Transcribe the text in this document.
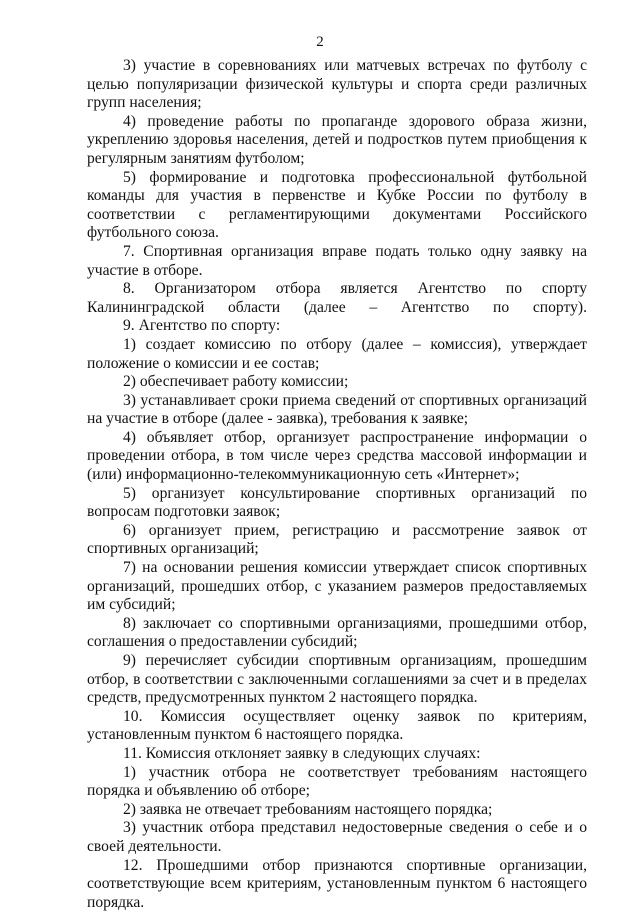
2

3) участие в соревнованиях или матчевых встречах по футболу с целью популяризации физической культуры и спорта среди различных групп населения;

4) проведение работы по пропаганде здорового образа жизни, укреплению здоровья населения, детей и подростков путем приобщения к регулярным занятиям футболом;

5) формирование и подготовка профессиональной футбольной команды для участия в первенстве и Кубке России по футболу в соответствии с регламентирующими документами Российского футбольного союза.

7. Спортивная организация вправе подать только одну заявку на участие в отборе.

8. Организатором отбора является Агентство по спорту Калининградской области (далее – Агентство по спорту).

9. Агентство по спорту:

1) создает комиссию по отбору (далее – комиссия), утверждает положение о комиссии и ее состав;

2) обеспечивает работу комиссии;

3) устанавливает сроки приема сведений от спортивных организаций на участие в отборе (далее - заявка), требования к заявке;

4) объявляет отбор, организует распространение информации о проведении отбора, в том числе через средства массовой информации и (или) информационно-телекоммуникационную сеть «Интернет»;

5) организует консультирование спортивных организаций по вопросам подготовки заявок;

6) организует прием, регистрацию и рассмотрение заявок от спортивных организаций;

7) на основании решения комиссии утверждает список спортивных организаций, прошедших отбор, с указанием размеров предоставляемых им субсидий;

8) заключает со спортивными организациями, прошедшими отбор, соглашения о предоставлении субсидий;

9) перечисляет субсидии спортивным организациям, прошедшим отбор, в соответствии с заключенными соглашениями за счет и в пределах средств, предусмотренных пунктом 2 настоящего порядка.

10. Комиссия осуществляет оценку заявок по критериям, установленным пунктом 6 настоящего порядка.

11. Комиссия отклоняет заявку в следующих случаях:

1) участник отбора не соответствует требованиям настоящего порядка и объявлению об отборе;

2) заявка не отвечает требованиям настоящего порядка;

3) участник отбора представил недостоверные сведения о себе и о своей деятельности.

12. Прошедшими отбор признаются спортивные организации, соответствующие всем критериям, установленным пунктом 6 настоящего порядка.
